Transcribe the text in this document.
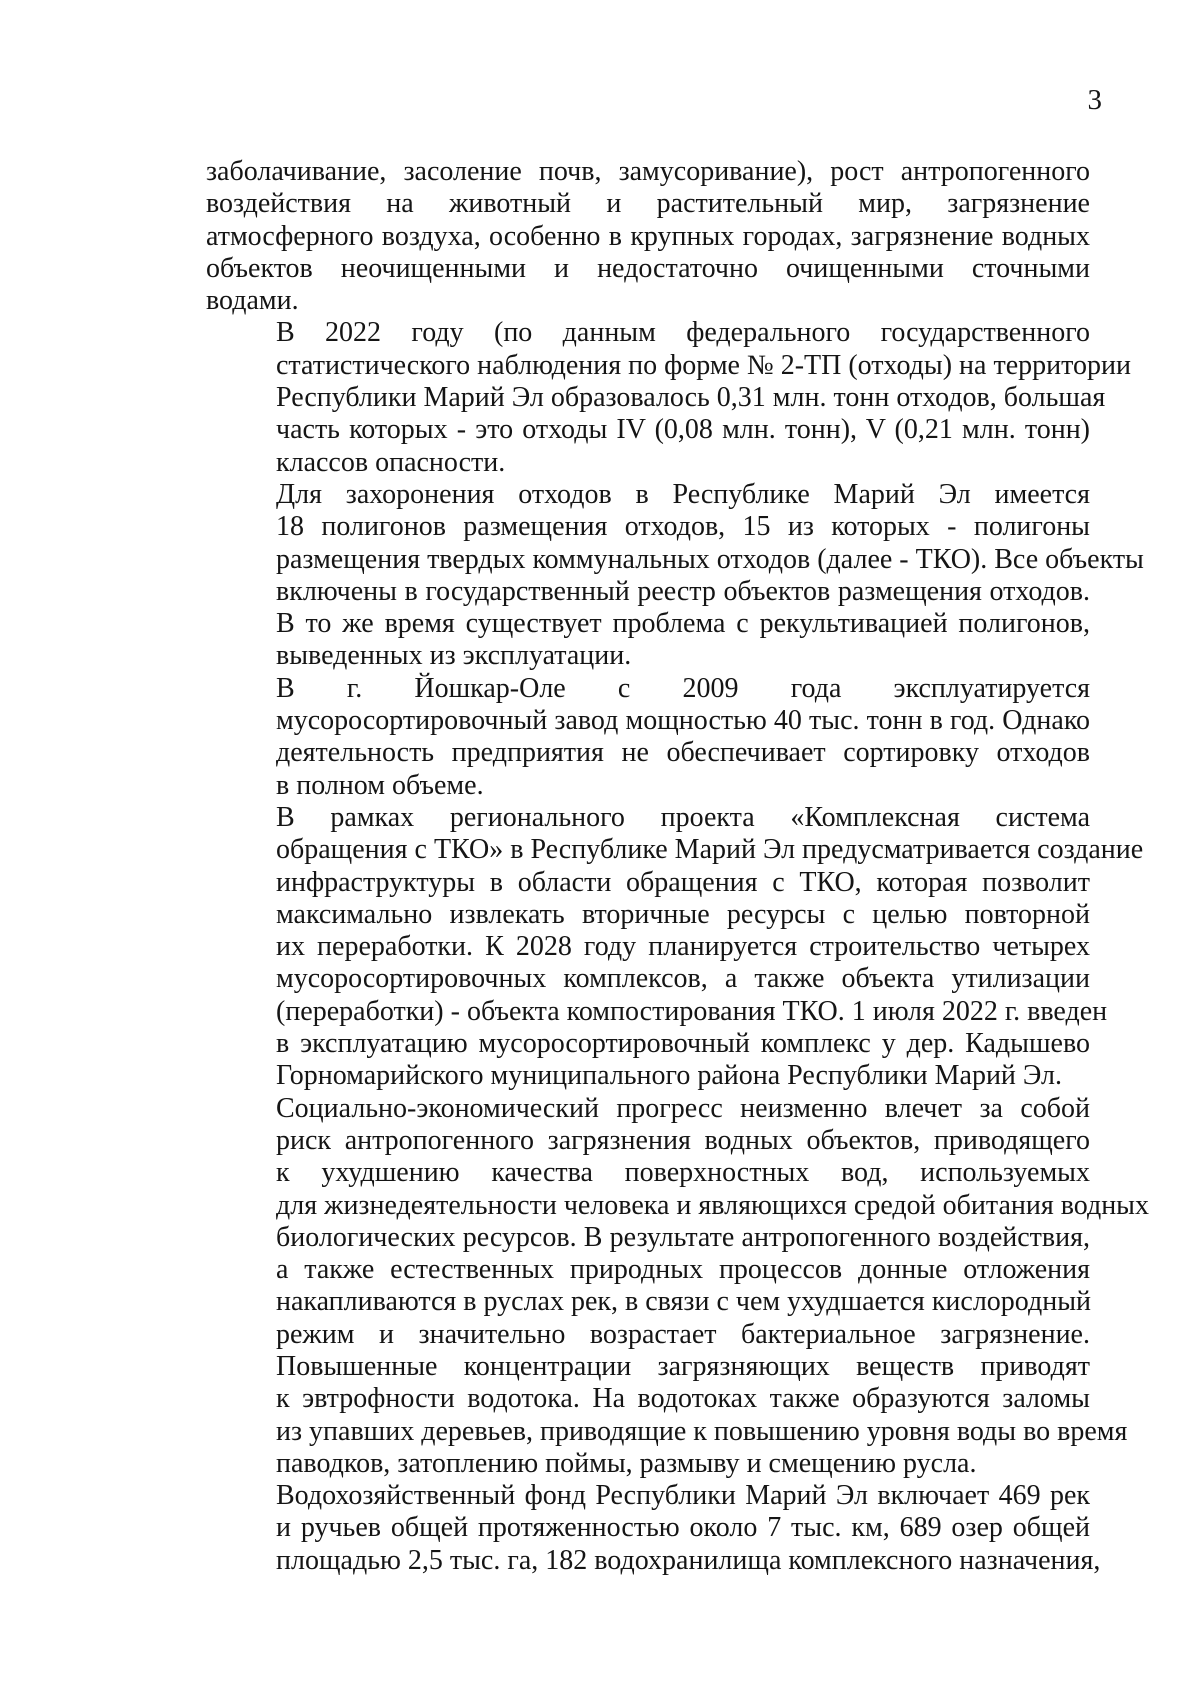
3

заболачивание, засоление почв, замусоривание), рост антропогенного
воздействия на животный и растительный мир, загрязнение
атмосферного воздуха, особенно в крупных городах, загрязнение водных
объектов неочищенными и недостаточно очищенными сточными
водами.

В 2022 году (по данным федерального государственного
статистического наблюдения по форме № 2-ТП (отходы) на территории
Республики Марий Эл образовалось 0,31 млн. тонн отходов, большая
часть которых - это отходы IV (0,08 млн. тонн), V (0,21 млн. тонн)
классов опасности.

Для захоронения отходов в Республике Марий Эл имеется
18 полигонов размещения отходов, 15 из которых - полигоны
размещения твердых коммунальных отходов (далее - ТКО). Все объекты
включены в государственный реестр объектов размещения отходов.
В то же время существует проблема с рекультивацией полигонов,
выведенных из эксплуатации.

В г. Йошкар-Оле с 2009 года эксплуатируется
мусоросортировочный завод мощностью 40 тыс. тонн в год. Однако
деятельность предприятия не обеспечивает сортировку отходов
в полном объеме.

В рамках регионального проекта «Комплексная система
обращения с ТКО» в Республике Марий Эл предусматривается создание
инфраструктуры в области обращения с ТКО, которая позволит
максимально извлекать вторичные ресурсы с целью повторной
их переработки. К 2028 году планируется строительство четырех
мусоросортировочных комплексов, а также объекта утилизации
(переработки) - объекта компостирования ТКО. 1 июля 2022 г. введен
в эксплуатацию мусоросортировочный комплекс у дер. Кадышево
Горномарийского муниципального района Республики Марий Эл.

Социально-экономический прогресс неизменно влечет за собой
риск антропогенного загрязнения водных объектов, приводящего
к ухудшению качества поверхностных вод, используемых
для жизнедеятельности человека и являющихся средой обитания водных
биологических ресурсов. В результате антропогенного воздействия,
а также естественных природных процессов донные отложения
накапливаются в руслах рек, в связи с чем ухудшается кислородный
режим и значительно возрастает бактериальное загрязнение.
Повышенные концентрации загрязняющих веществ приводят
к эвтрофности водотока. На водотоках также образуются заломы
из упавших деревьев, приводящие к повышению уровня воды во время
паводков, затоплению поймы, размыву и смещению русла.

Водохозяйственный фонд Республики Марий Эл включает 469 рек
и ручьев общей протяженностью около 7 тыс. км, 689 озер общей
площадью 2,5 тыс. га, 182 водохранилища комплексного назначения,
